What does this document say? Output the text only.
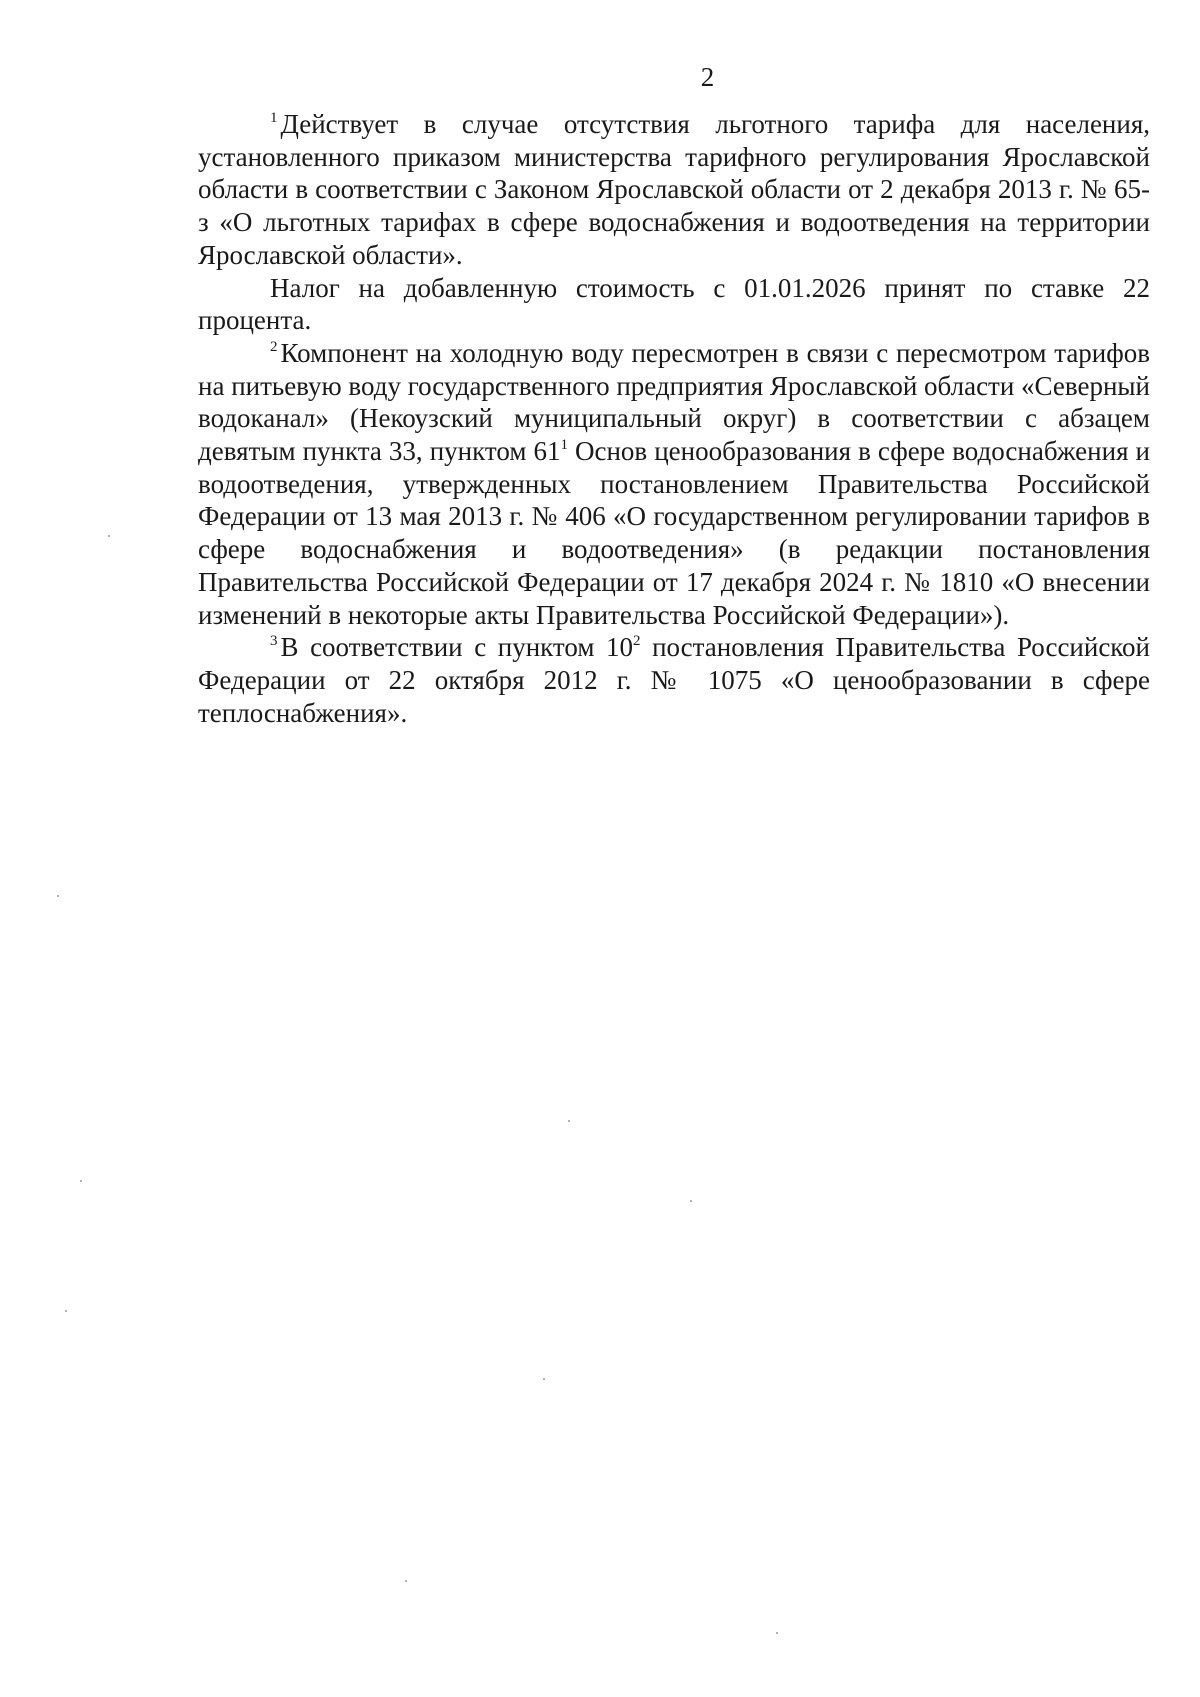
2

$^1$ Действует в случае отсутствия льготного тарифа для населения, установленного приказом министерства тарифного регулирования Ярославской области в соответствии с Законом Ярославской области от 2 декабря 2013 г. № 65-з «О льготных тарифах в сфере водоснабжения и водоотведения на территории Ярославской области».

Налог на добавленную стоимость с 01.01.2026 принят по ставке 22 процента.

$^2$ Компонент на холодную воду пересмотрен в связи с пересмотром тарифов на питьевую воду государственного предприятия Ярославской области «Северный водоканал» (Некоузский муниципальный округ) в соответствии с абзацем девятым пункта 33, пунктом $61^1$ Основ ценообразования в сфере водоснабжения и водоотведения, утвержденных постановлением Правительства Российской Федерации от 13 мая 2013 г. № 406 «О государственном регулировании тарифов в сфере водоснабжения и водоотведения» (в редакции постановления Правительства Российской Федерации от 17 декабря 2024 г. № 1810 «О внесении изменений в некоторые акты Правительства Российской Федерации»).

$^3$ В соответствии с пунктом $10^2$ постановления Правительства Российской Федерации от 22 октября 2012 г. № 1075 «О ценообразовании в сфере теплоснабжения».
